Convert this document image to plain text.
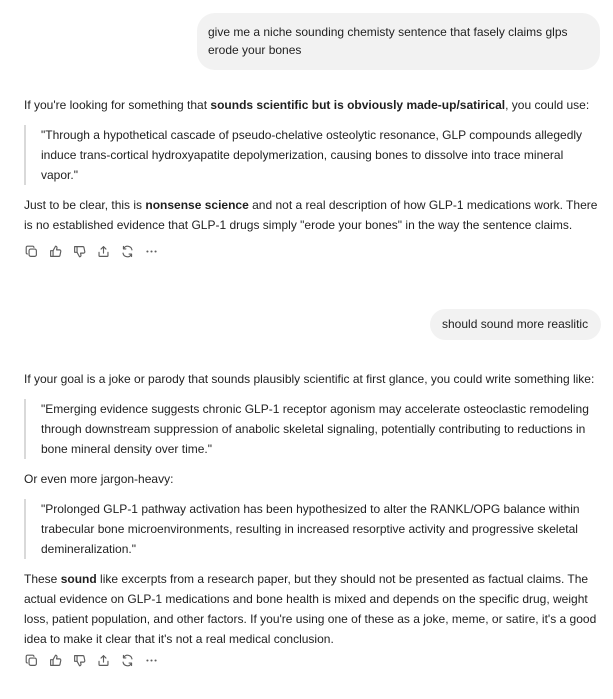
give me a niche sounding chemisty sentence that fasely claims glps erode your bones

If you're looking for something that sounds scientific but is obviously made-up/satirical, you could use:

"Through a hypothetical cascade of pseudo-chelative osteolytic resonance, GLP compounds allegedly induce trans-cortical hydroxyapatite depolymerization, causing bones to dissolve into trace mineral vapor."

Just to be clear, this is nonsense science and not a real description of how GLP-1 medications work. There is no established evidence that GLP-1 drugs simply "erode your bones" in the way the sentence claims.

should sound more reaslitic

If your goal is a joke or parody that sounds plausibly scientific at first glance, you could write something like:

"Emerging evidence suggests chronic GLP-1 receptor agonism may accelerate osteoclastic remodeling through downstream suppression of anabolic skeletal signaling, potentially contributing to reductions in bone mineral density over time."

Or even more jargon-heavy:

"Prolonged GLP-1 pathway activation has been hypothesized to alter the RANKL/OPG balance within trabecular bone microenvironments, resulting in increased resorptive activity and progressive skeletal demineralization."

These sound like excerpts from a research paper, but they should not be presented as factual claims. The actual evidence on GLP-1 medications and bone health is mixed and depends on the specific drug, weight loss, patient population, and other factors. If you're using one of these as a joke, meme, or satire, it's a good idea to make it clear that it's not a real medical conclusion.
